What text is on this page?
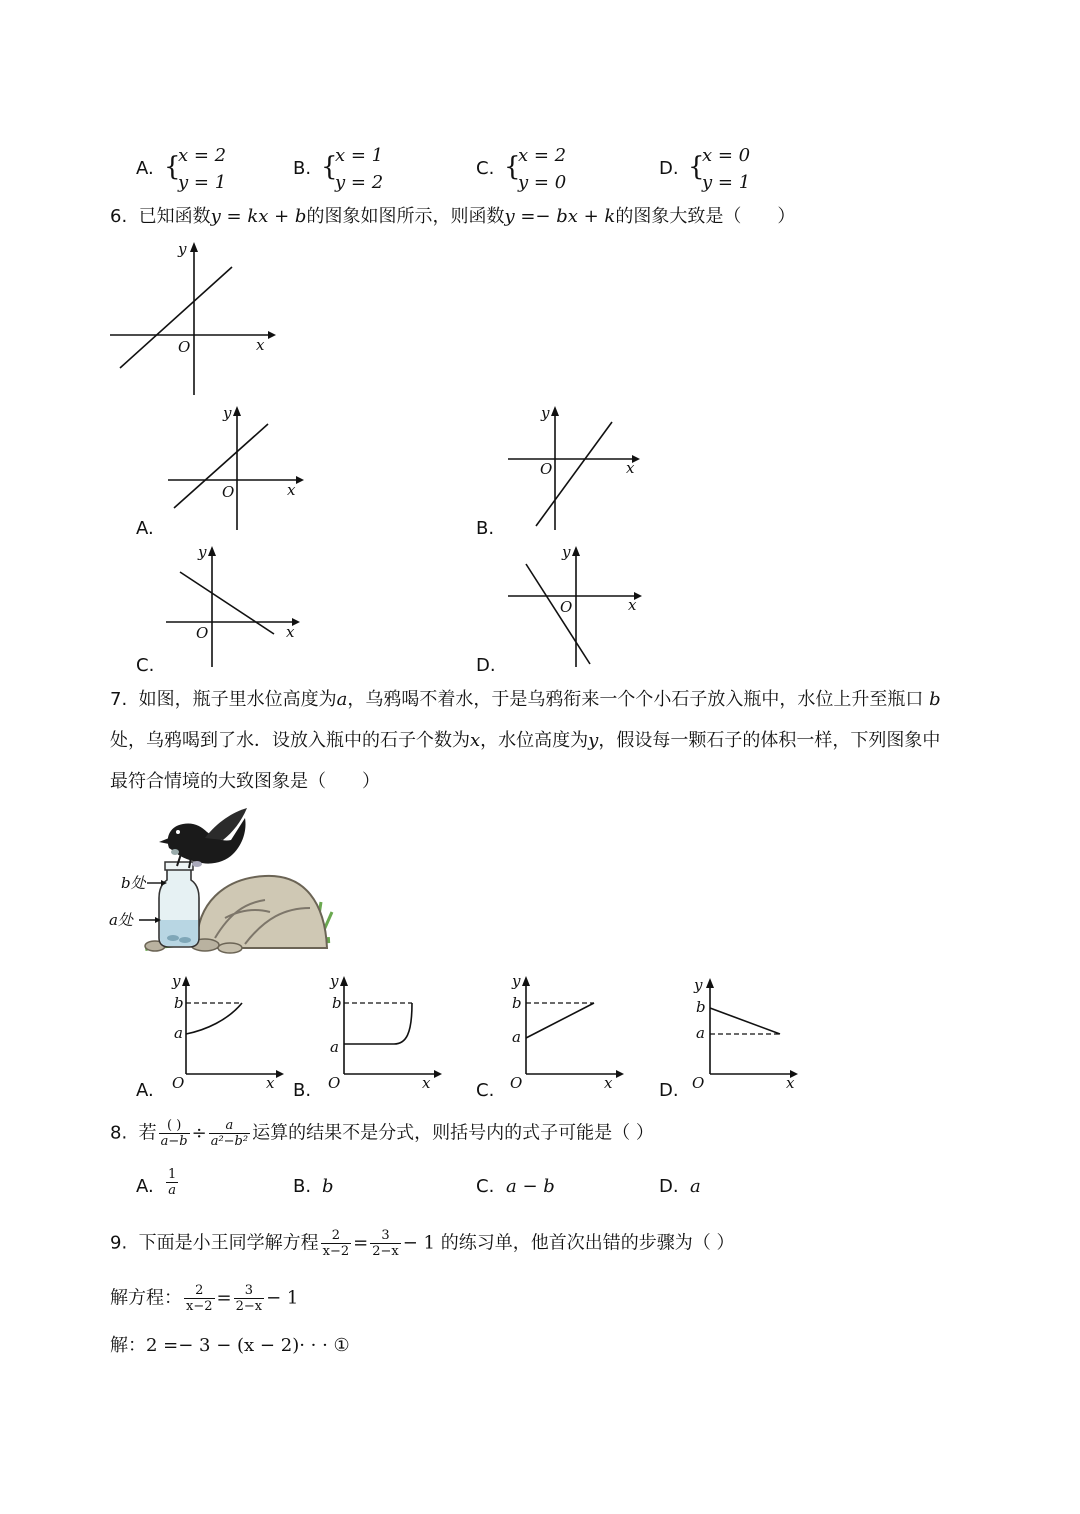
A. {
x = 2
y = 1
B. {
x = 1
y = 2
C. {
x = 2
y = 0
D. {
x = 0
y = 1
6. 已知函数y = kx + b的图象如图所示，则函数y =− bx + k的图象大致是（　　）
y
x
O
y
x
O
A.
y
x
O
B.
y
x
O
C.
y
x
O
D.
7. 如图，瓶子里水位高度为a，乌鸦喝不着水，于是乌鸦衔来一个个小石子放入瓶中，水位上升至瓶口 b
处，乌鸦喝到了水．设放入瓶中的石子个数为x，水位高度为y，假设每一颗石子的体积一样，下列图象中
最符合情境的大致图象是（　　）
b处
a处
y
b
a
O	x
A.
y
b
a
O	x
B.
y
b
a
O	x
C.
y
b
a
O	x
D.
8. 若 $\frac{( )}{a-b} \div \frac{a}{\text{a²−b²}}$ 运算的结果不是分式，则括号内的式子可能是（ ）
A. $\frac{1}{a}$	B. b	C. a − b	D. a
9. 下面是小王同学解方程 $\frac{2}{x-2} = \frac{3}{2-x} - 1$ 的练习单，他首次出错的步骤为（ ）
解方程： $\frac{2}{x-2} = \frac{3}{2-x} - 1$
解：2 =− 3 − (x − 2)· · · ①
